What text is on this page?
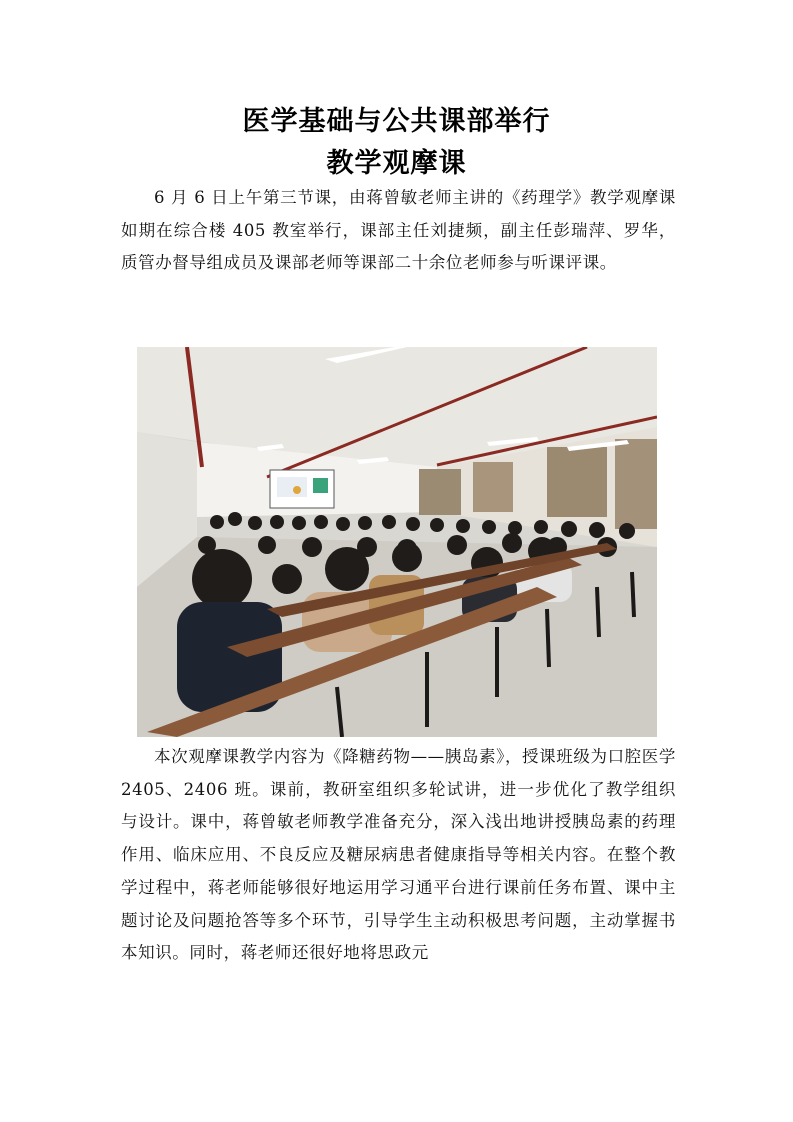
医学基础与公共课部举行
教学观摩课

6 月 6 日上午第三节课，由蒋曾敏老师主讲的《药理学》教学观摩课如期在综合楼 405 教室举行，课部主任刘捷频，副主任彭瑞萍、罗华，质管办督导组成员及课部老师等课部二十余位老师参与听课评课。

本次观摩课教学内容为《降糖药物——胰岛素》，授课班级为口腔医学 2405、2406 班。课前，教研室组织多轮试讲，进一步优化了教学组织与设计。课中，蒋曾敏老师教学准备充分，深入浅出地讲授胰岛素的药理作用、临床应用、不良反应及糖尿病患者健康指导等相关内容。在整个教学过程中，蒋老师能够很好地运用学习通平台进行课前任务布置、课中主题讨论及问题抢答等多个环节，引导学生主动积极思考问题，主动掌握书本知识。同时，蒋老师还很好地将思政元
